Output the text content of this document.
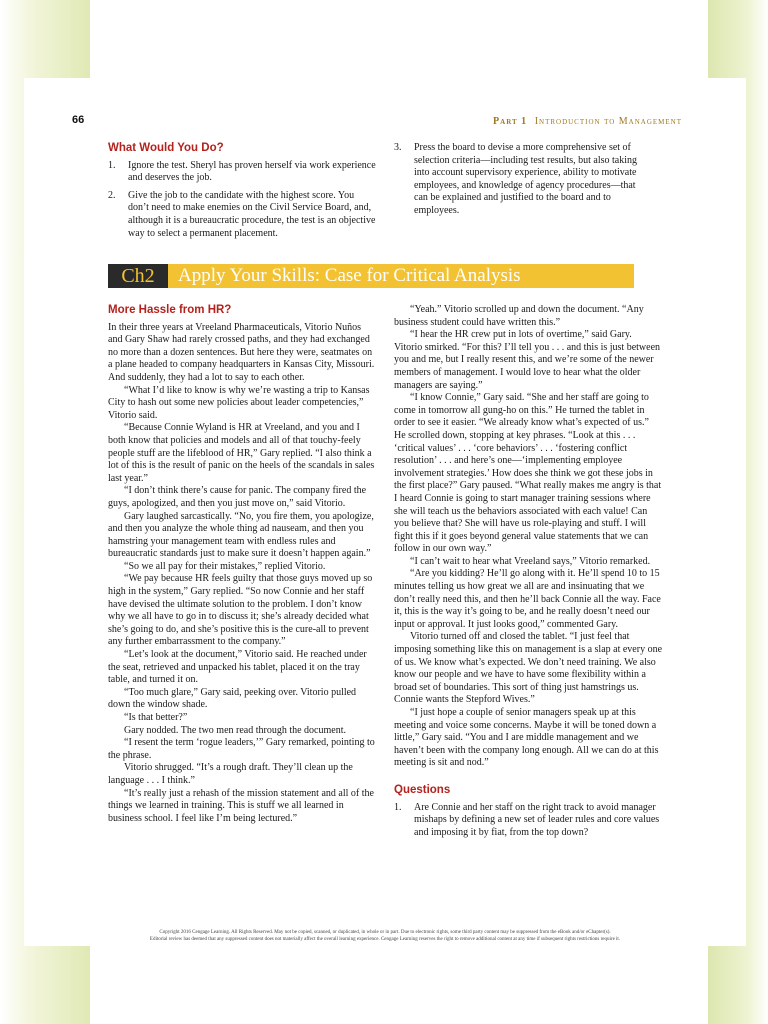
66	Part 1 Introduction to Management
What Would You Do?
1. Ignore the test. Sheryl has proven herself via work experience and deserves the job.
2. Give the job to the candidate with the highest score. You don’t need to make enemies on the Civil Service Board, and, although it is a bureaucratic procedure, the test is an objective way to select a permanent placement.
3. Press the board to devise a more comprehensive set of selection criteria—including test results, but also taking into account supervisory experience, ability to motivate employees, and knowledge of agency procedures—that can be explained and justified to the board and to employees.
Ch2	Apply Your Skills: Case for Critical Analysis
More Hassle from HR?

In their three years at Vreeland Pharmaceuticals, Vitorio Nuños and Gary Shaw had rarely crossed paths, and they had exchanged no more than a dozen sentences. But here they were, seatmates on a plane headed to company headquarters in Kansas City, Missouri. And suddenly, they had a lot to say to each other.

“What I’d like to know is why we’re wasting a trip to Kansas City to hash out some new policies about leader competencies,” Vitorio said.

“Because Connie Wyland is HR at Vreeland, and you and I both know that policies and models and all of that touchy-feely people stuff are the lifeblood of HR,” Gary replied. “I also think a lot of this is the result of panic on the heels of the scandals in sales last year.”

“I don’t think there’s cause for panic. The company fired the guys, apologized, and then you just move on,” said Vitorio.

Gary laughed sarcastically. “No, you fire them, you apologize, and then you analyze the whole thing ad nauseam, and then you hamstring your management team with endless rules and bureaucratic standards just to make sure it doesn’t happen again.”

“So we all pay for their mistakes,” replied Vitorio.

“We pay because HR feels guilty that those guys moved up so high in the system,” Gary replied. “So now Connie and her staff have devised the ultimate solution to the problem. I don’t know why we all have to go in to discuss it; she’s already decided what she’s going to do, and she’s positive this is the cure-all to prevent any further embarrassment to the company.”

“Let’s look at the document,” Vitorio said. He reached under the seat, retrieved and unpacked his tablet, placed it on the tray table, and turned it on.

“Too much glare,” Gary said, peeking over. Vitorio pulled down the window shade.

“Is that better?”

Gary nodded. The two men read through the document.

“I resent the term ‘rogue leaders,’” Gary remarked, pointing to the phrase.

Vitorio shrugged. “It’s a rough draft. They’ll clean up the language . . . I think.”

“It’s really just a rehash of the mission statement and all of the things we learned in training. This is stuff we all learned in business school. I feel like I’m being lectured.”

“Yeah.” Vitorio scrolled up and down the document. “Any business student could have written this.”

“I hear the HR crew put in lots of overtime,” said Gary. Vitorio smirked. “For this? I’ll tell you . . . and this is just between you and me, but I really resent this, and we’re some of the newer members of management. I would love to hear what the older managers are saying.”

“I know Connie,” Gary said. “She and her staff are going to come in tomorrow all gung-ho on this.” He turned the tablet in order to see it easier. “We already know what’s expected of us.” He scrolled down, stopping at key phrases. “Look at this . . . ‘critical values’ . . . ‘core behaviors’ . . . ‘fostering conflict resolution’ . . . and here’s one—‘implementing employee involvement strategies.’ How does she think we got these jobs in the first place?” Gary paused. “What really makes me angry is that I heard Connie is going to start manager training sessions where she will teach us the behaviors associated with each value! Can you believe that? She will have us role-playing and stuff. I will fight this if it goes beyond general value statements that we can follow in our own way.”

“I can’t wait to hear what Vreeland says,” Vitorio remarked.

“Are you kidding? He’ll go along with it. He’ll spend 10 to 15 minutes telling us how great we all are and insinuating that we don’t really need this, and then he’ll back Connie all the way. Face it, this is the way it’s going to be, and he really doesn’t need our input or approval. It just looks good,” commented Gary.

Vitorio turned off and closed the tablet. “I just feel that imposing something like this on management is a slap at every one of us. We know what’s expected. We don’t need training. We also know our people and we have to have some flexibility within a broad set of boundaries. This sort of thing just hamstrings us. Connie wants the Stepford Wives.”

“I just hope a couple of senior managers speak up at this meeting and voice some concerns. Maybe it will be toned down a little,” Gary said. “You and I are middle management and we haven’t been with the company long enough. All we can do at this meeting is sit and nod.”

Questions
1. Are Connie and her staff on the right track to avoid manager mishaps by defining a new set of leader rules and core values and imposing it by fiat, from the top down?
Copyright 2016 Cengage Learning. All Rights Reserved. May not be copied, scanned, or duplicated, in whole or in part. Due to electronic rights, some third party content may be suppressed from the eBook and/or eChapter(s).
Editorial review has deemed that any suppressed content does not materially affect the overall learning experience. Cengage Learning reserves the right to remove additional content at any time if subsequent rights restrictions require it.
